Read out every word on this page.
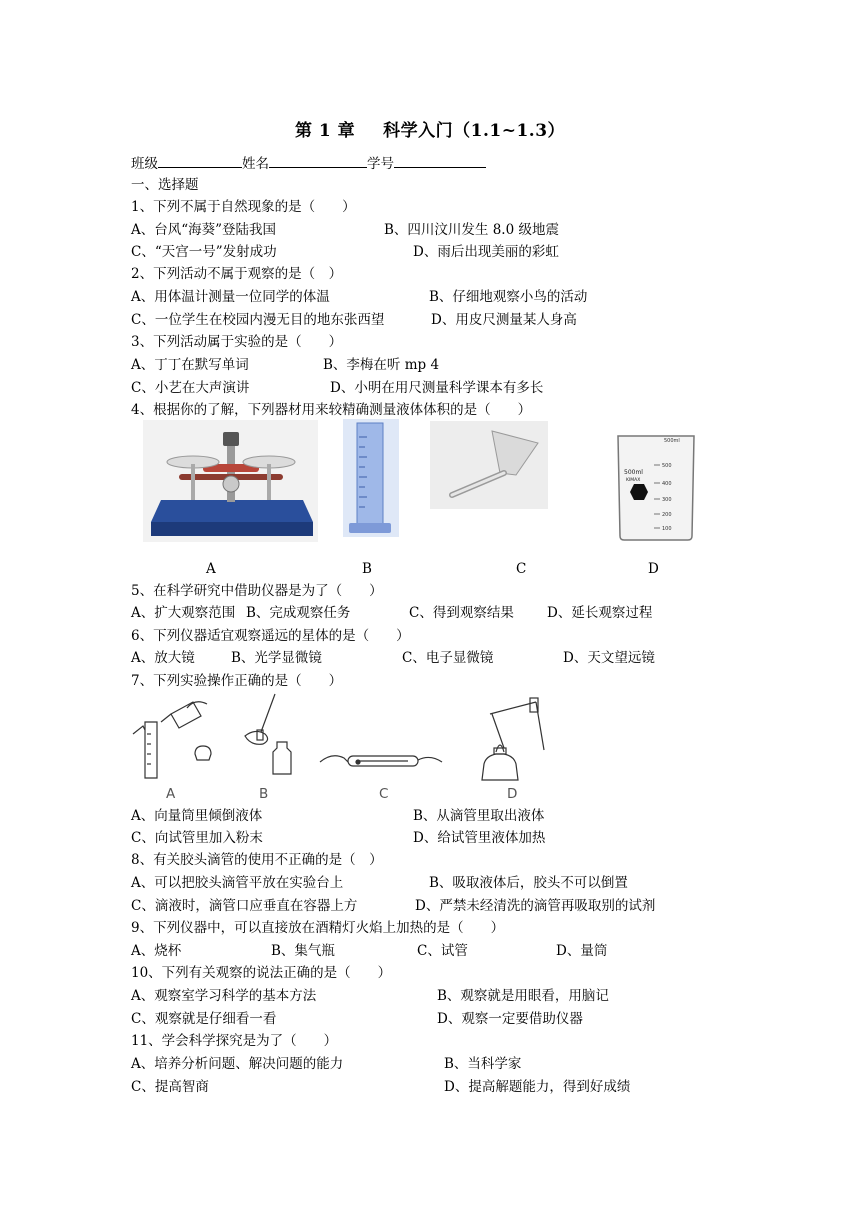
第 1 章 科学入门（1.1~1.3）
班级	姓名	学号
一、选择题
1、下列不属于自然现象的是（　　）
A、台风“海葵”登陆我国	B、四川汶川发生 8.0 级地震
C、“天宫一号”发射成功	D、雨后出现美丽的彩虹
2、下列活动不属于观察的是（　）
A、用体温计测量一位同学的体温	B、仔细地观察小鸟的活动
C、一位学生在校园内漫无目的地东张西望	D、用皮尺测量某人身高
3、下列活动属于实验的是（　　）
A、丁丁在默写单词	B、李梅在听 mp 4
C、小艺在大声演讲	D、小明在用尺测量科学课本有多长
4、根据你的了解，下列器材用来较精确测量液体体积的是（　　）
500ml
500ml
KIMAX
500
400
300
200
100
A	B	C	D
5、在科学研究中借助仪器是为了（　　）
A、扩大观察范围 B、完成观察任务	C、得到观察结果 D、延长观察过程
6、下列仪器适宜观察遥远的星体的是（　　）
A、放大镜	B、光学显微镜	C、电子显微镜	D、天文望远镜
7、下列实验操作正确的是（　　）
A	B	C	D
A、向量筒里倾倒液体	B、从滴管里取出液体
C、向试管里加入粉末	D、给试管里液体加热
8、有关胶头滴管的使用不正确的是（　）
A、可以把胶头滴管平放在实验台上	B、吸取液体后，胶头不可以倒置
C、滴液时，滴管口应垂直在容器上方	D、严禁未经清洗的滴管再吸取别的试剂
9、下列仪器中，可以直接放在酒精灯火焰上加热的是（　　）
A、烧杯	B、集气瓶	C、试管	D、量筒
10、下列有关观察的说法正确的是（　　）
A、观察室学习科学的基本方法	B、观察就是用眼看，用脑记
C、观察就是仔细看一看	D、观察一定要借助仪器
11、学会科学探究是为了（　　）
A、培养分析问题、解决问题的能力	B、当科学家
C、提高智商	D、提高解题能力，得到好成绩
